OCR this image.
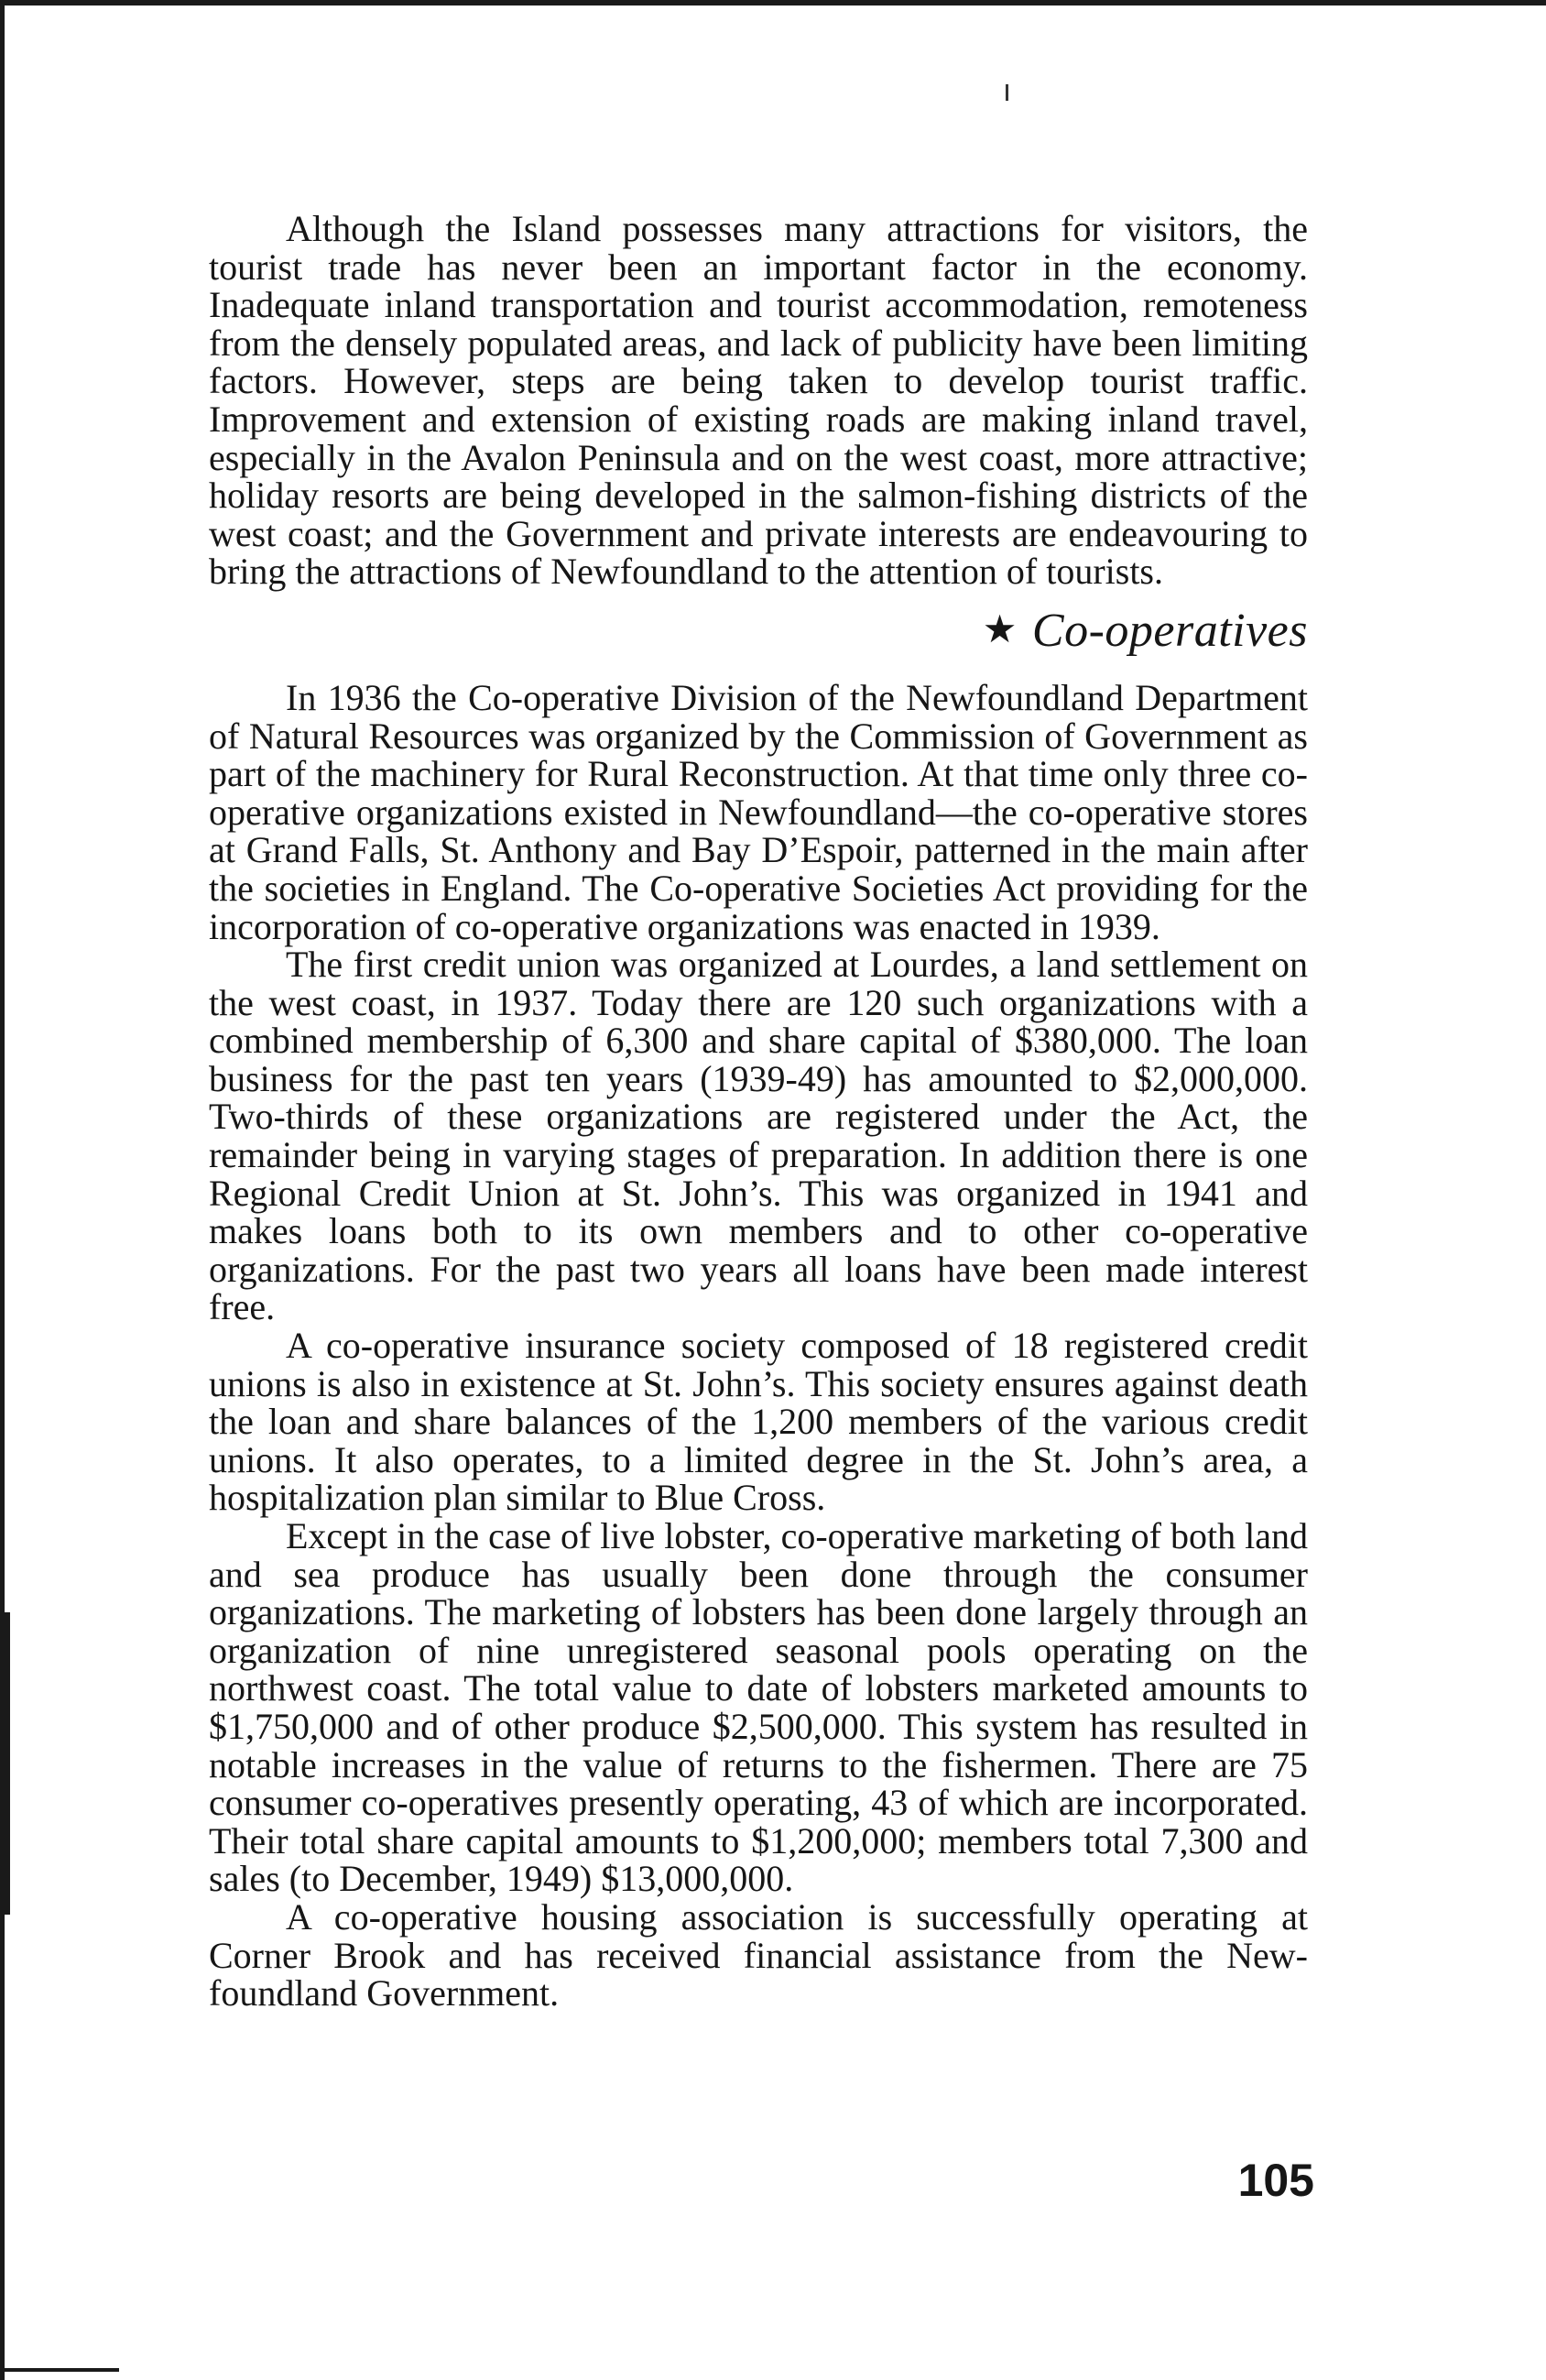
Although the Island possesses many attractions for visitors, the tourist trade has never been an important factor in the economy. Inadequate inland transportation and tourist accommodation, remoteness from the densely populated areas, and lack of publicity have been limiting factors. However, steps are being taken to develop tourist traffic. Improvement and extension of existing roads are making inland travel, especially in the Avalon Peninsula and on the west coast, more attractive; holiday resorts are being developed in the salmon-fishing districts of the west coast; and the Government and private interests are endeavouring to bring the attractions of Newfoundland to the attention of tourists.

★ Co-operatives

In 1936 the Co-operative Division of the Newfoundland Department of Natural Resources was organized by the Commission of Government as part of the machinery for Rural Reconstruction. At that time only three co-operative organizations existed in Newfoundland—the co-operative stores at Grand Falls, St. Anthony and Bay D’Espoir, patterned in the main after the societies in England. The Co-operative Societies Act providing for the incorporation of co-operative organizations was enacted in 1939.

The first credit union was organized at Lourdes, a land settlement on the west coast, in 1937. Today there are 120 such organizations with a combined membership of 6,300 and share capital of $380,000. The loan business for the past ten years (1939-49) has amounted to $2,000,000. Two-thirds of these organizations are registered under the Act, the remainder being in varying stages of preparation. In addition there is one Regional Credit Union at St. John’s. This was organized in 1941 and makes loans both to its own members and to other co-operative organizations. For the past two years all loans have been made interest free.

A co-operative insurance society composed of 18 registered credit unions is also in existence at St. John’s. This society ensures against death the loan and share balances of the 1,200 members of the various credit unions. It also operates, to a limited degree in the St. John’s area, a hospitalization plan similar to Blue Cross.

Except in the case of live lobster, co-operative marketing of both land and sea produce has usually been done through the consumer organizations. The marketing of lobsters has been done largely through an organization of nine unregistered seasonal pools operating on the northwest coast. The total value to date of lobsters marketed amounts to $1,750,000 and of other produce $2,500,000. This system has resulted in notable increases in the value of returns to the fishermen. There are 75 consumer co-operatives presently operating, 43 of which are incorporated. Their total share capital amounts to $1,200,000; members total 7,300 and sales (to December, 1949) $13,000,000.

A co-operative housing association is successfully operating at Corner Brook and has received financial assistance from the Newfoundland Government.

105
